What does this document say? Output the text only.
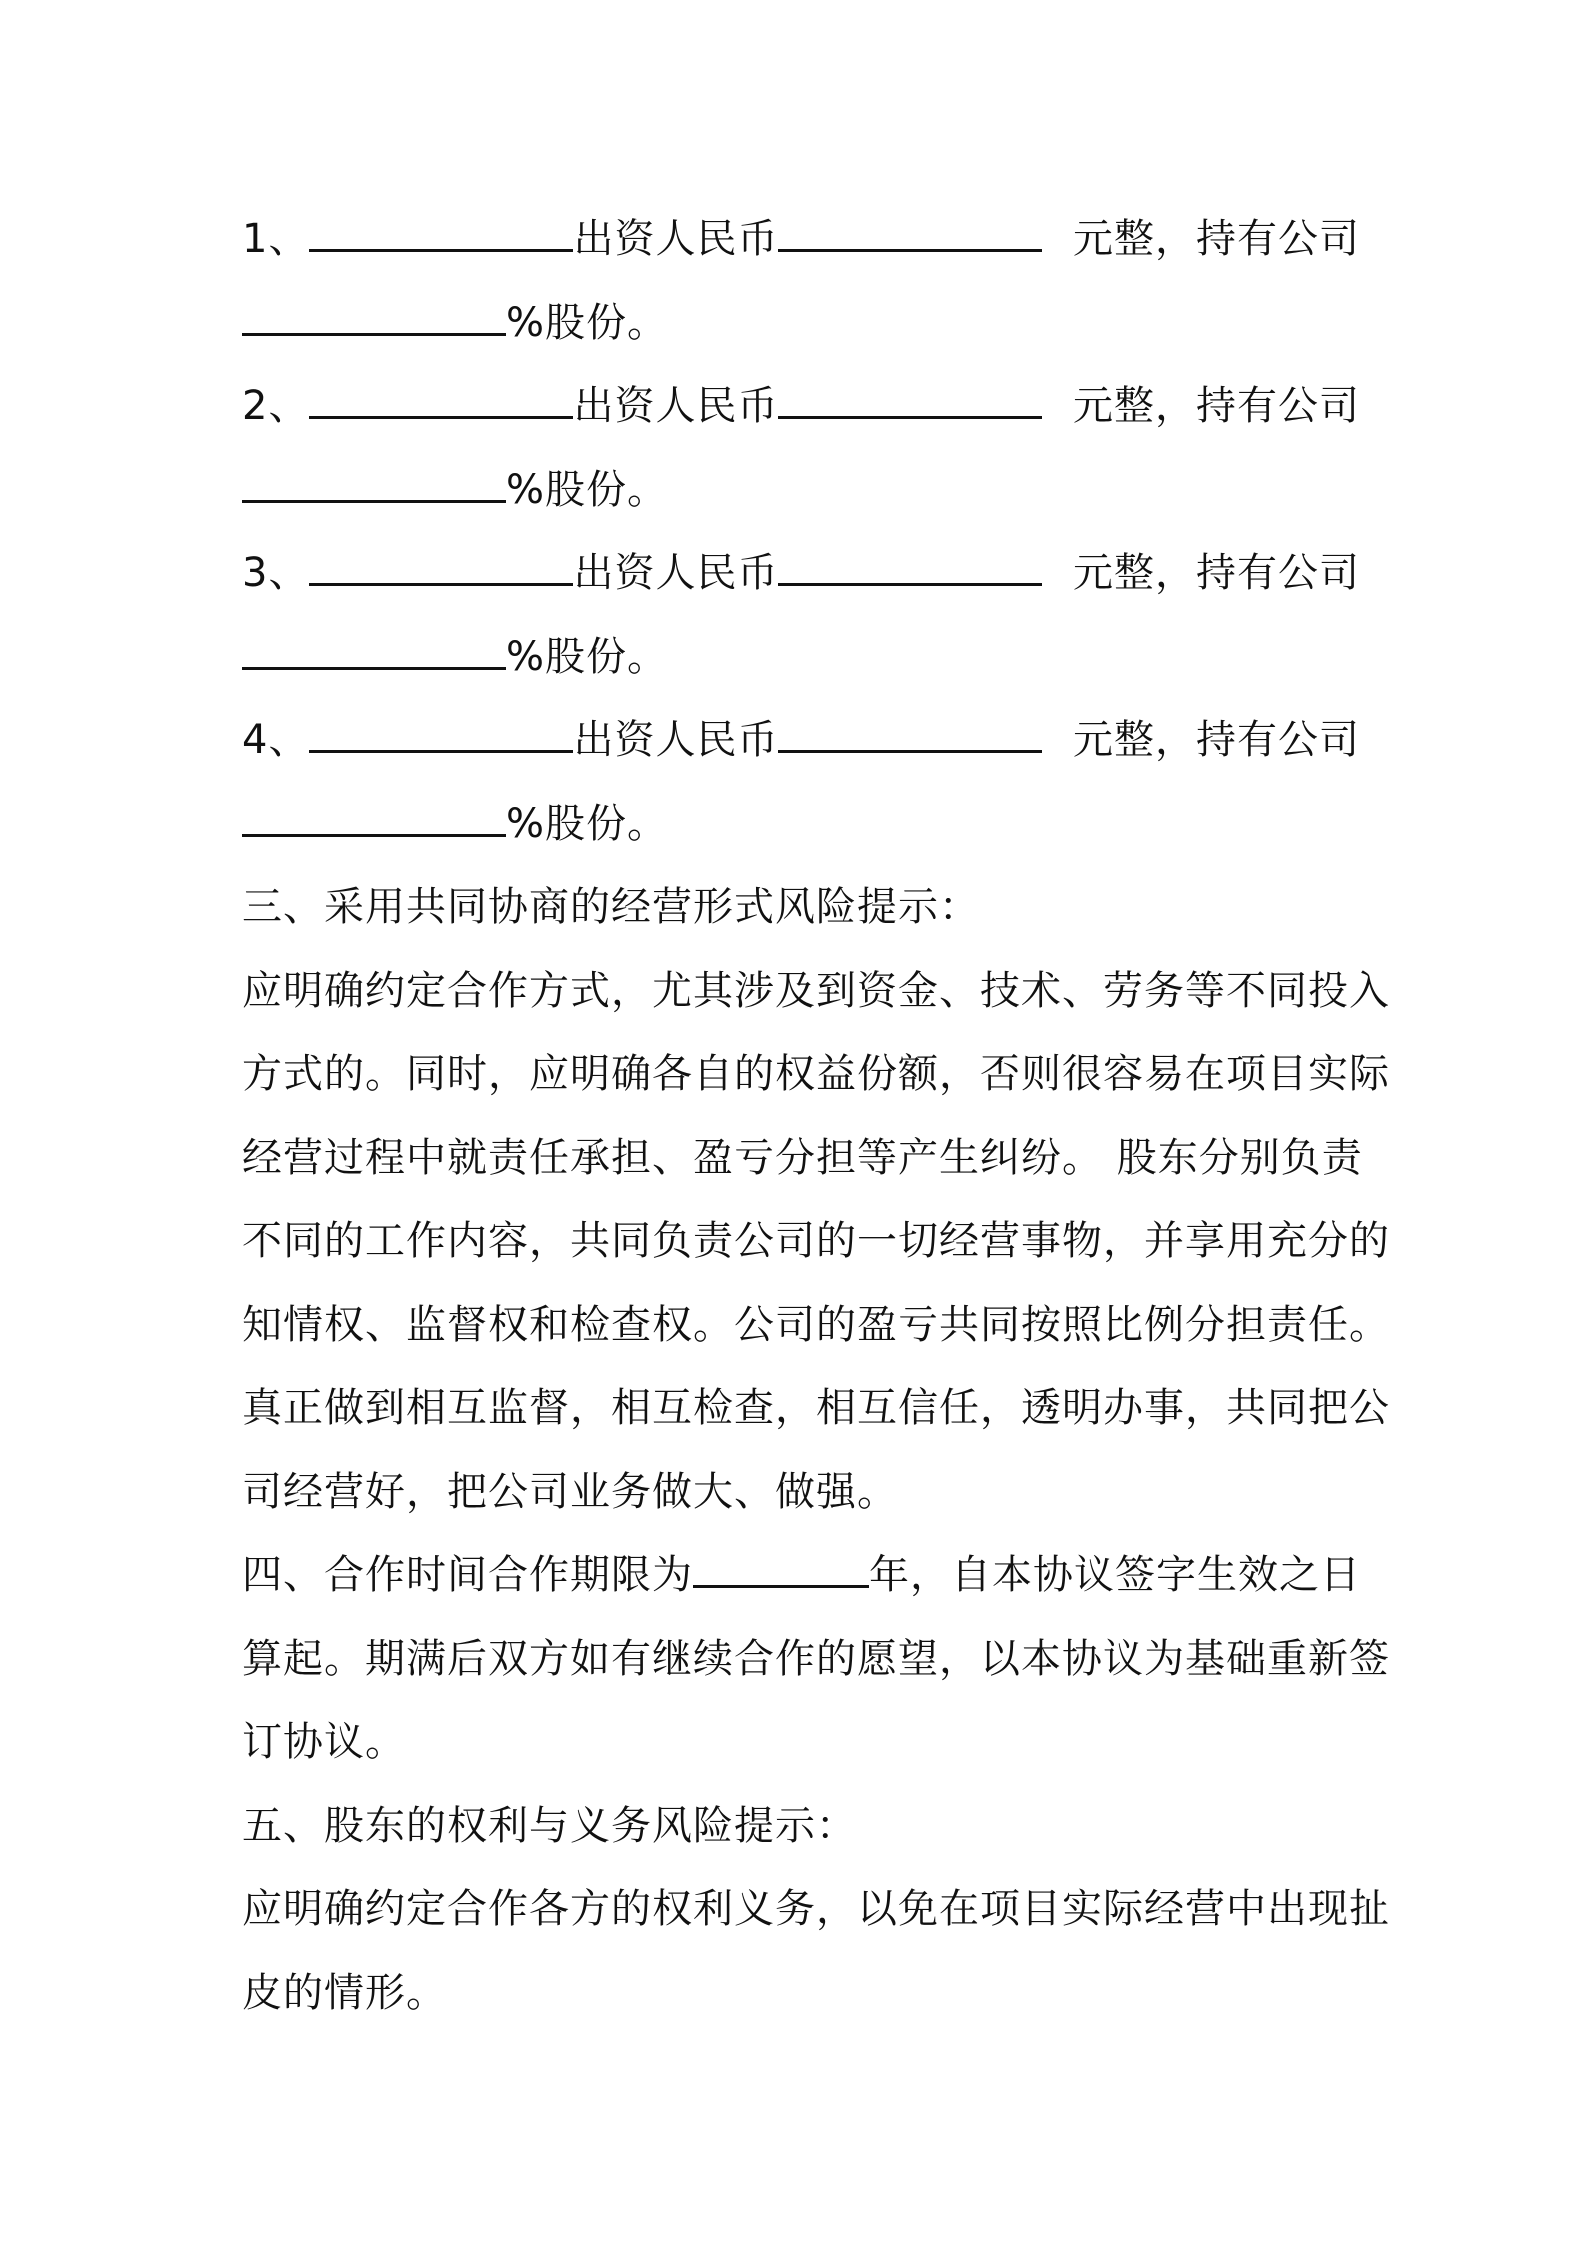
1、	出资人民币	元整，持有公司
%股份。
2、	出资人民币	元整，持有公司
%股份。
3、	出资人民币	元整，持有公司
%股份。
4、	出资人民币	元整，持有公司
%股份。
三、采用共同协商的经营形式风险提示：
应明确约定合作方式，尤其涉及到资金、技术、劳务等不同投入
方式的。同时，应明确各自的权益份额，否则很容易在项目实际
经营过程中就责任承担、盈亏分担等产生纠纷。 股东分别负责
不同的工作内容，共同负责公司的一切经营事物，并享用充分的
知情权、监督权和检查权。公司的盈亏共同按照比例分担责任。
真正做到相互监督，相互检查，相互信任，透明办事，共同把公
司经营好，把公司业务做大、做强。
四、合作时间合作期限为	年，自本协议签字生效之日
算起。期满后双方如有继续合作的愿望，以本协议为基础重新签
订协议。
五、股东的权利与义务风险提示：
应明确约定合作各方的权利义务，以免在项目实际经营中出现扯
皮的情形。
